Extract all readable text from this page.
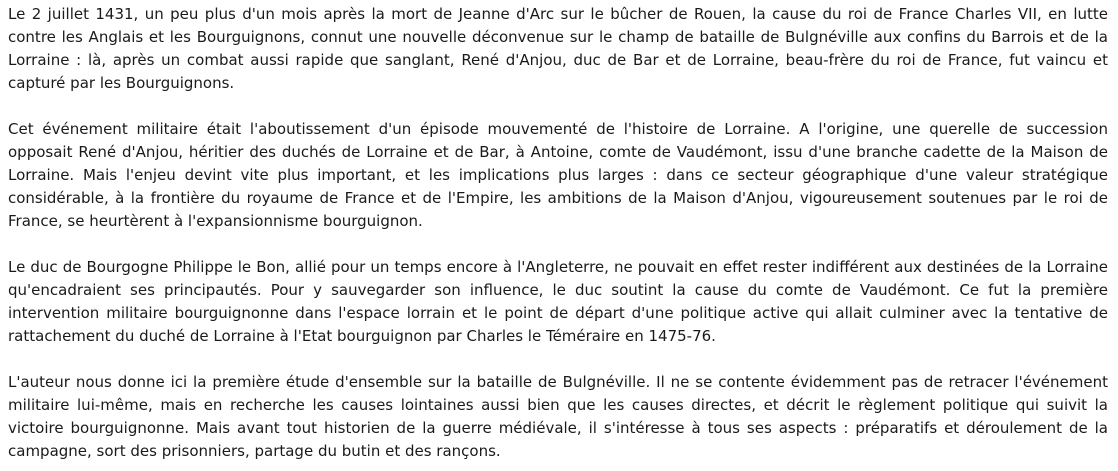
Le 2 juillet 1431, un peu plus d'un mois après la mort de Jeanne d'Arc sur le bûcher de Rouen, la cause du roi de France Charles VII, en lutte contre les Anglais et les Bourguignons, connut une nouvelle déconvenue sur le champ de bataille de Bulgnéville aux confins du Barrois et de la Lorraine : là, après un combat aussi rapide que sanglant, René d'Anjou, duc de Bar et de Lorraine, beau-frère du roi de France, fut vaincu et capturé par les Bourguignons.

Cet événement militaire était l'aboutissement d'un épisode mouvementé de l'histoire de Lorraine. A l'origine, une querelle de succession opposait René d'Anjou, héritier des duchés de Lorraine et de Bar, à Antoine, comte de Vaudémont, issu d'une branche cadette de la Maison de Lorraine. Mais l'enjeu devint vite plus important, et les implications plus larges : dans ce secteur géographique d'une valeur stratégique considérable, à la frontière du royaume de France et de l'Empire, les ambitions de la Maison d'Anjou, vigoureusement soutenues par le roi de France, se heurtèrent à l'expansionnisme bourguignon.

Le duc de Bourgogne Philippe le Bon, allié pour un temps encore à l'Angleterre, ne pouvait en effet rester indifférent aux destinées de la Lorraine qu'encadraient ses principautés. Pour y sauvegarder son influence, le duc soutint la cause du comte de Vaudémont. Ce fut la première intervention militaire bourguignonne dans l'espace lorrain et le point de départ d'une politique active qui allait culminer avec la tentative de rattachement du duché de Lorraine à l'Etat bourguignon par Charles le Téméraire en 1475-76.

L'auteur nous donne ici la première étude d'ensemble sur la bataille de Bulgnéville. Il ne se contente évidemment pas de retracer l'événement militaire lui-même, mais en recherche les causes lointaines aussi bien que les causes directes, et décrit le règlement politique qui suivit la victoire bourguignonne. Mais avant tout historien de la guerre médiévale, il s'intéresse à tous ses aspects : préparatifs et déroulement de la campagne, sort des prisonniers, partage du butin et des rançons.
